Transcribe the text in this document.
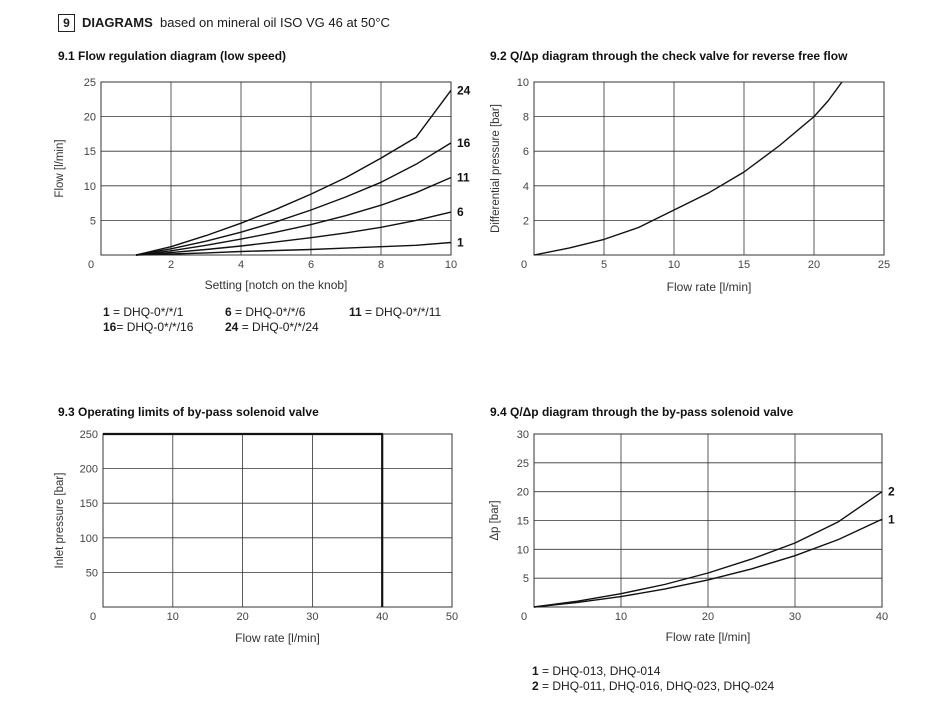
9 DIAGRAMS based on mineral oil ISO VG 46 at 50°C
9.1 Flow regulation diagram (low speed)
0	2	4	6	8	10
5
10
15
20
25
Setting [notch on the knob]
Flow [l/min]
24
16
11
6
1
9.2 Q/Δp diagram through the check valve for reverse free flow
0	5	10	15	20	25
2
4
6
8
10
Flow rate [l/min]
Differential pressure [bar]
9.3 Operating limits of by-pass solenoid valve
0	10	20	30	40	50
50
100
150
200
250
Flow rate [l/min]
Inlet pressure [bar]
9.4 Q/Δp diagram through the by-pass solenoid valve
0	10	20	30	40
5
10
15
20
25
30
Flow rate [l/min]
Δp [bar]
2
1
1 = DHQ-0*/*/1	6 = DHQ-0*/*/6	11 = DHQ-0*/*/11
16= DHQ-0*/*/16	24 = DHQ-0*/*/24
1 = DHQ-013, DHQ-014
2 = DHQ-011, DHQ-016, DHQ-023, DHQ-024
